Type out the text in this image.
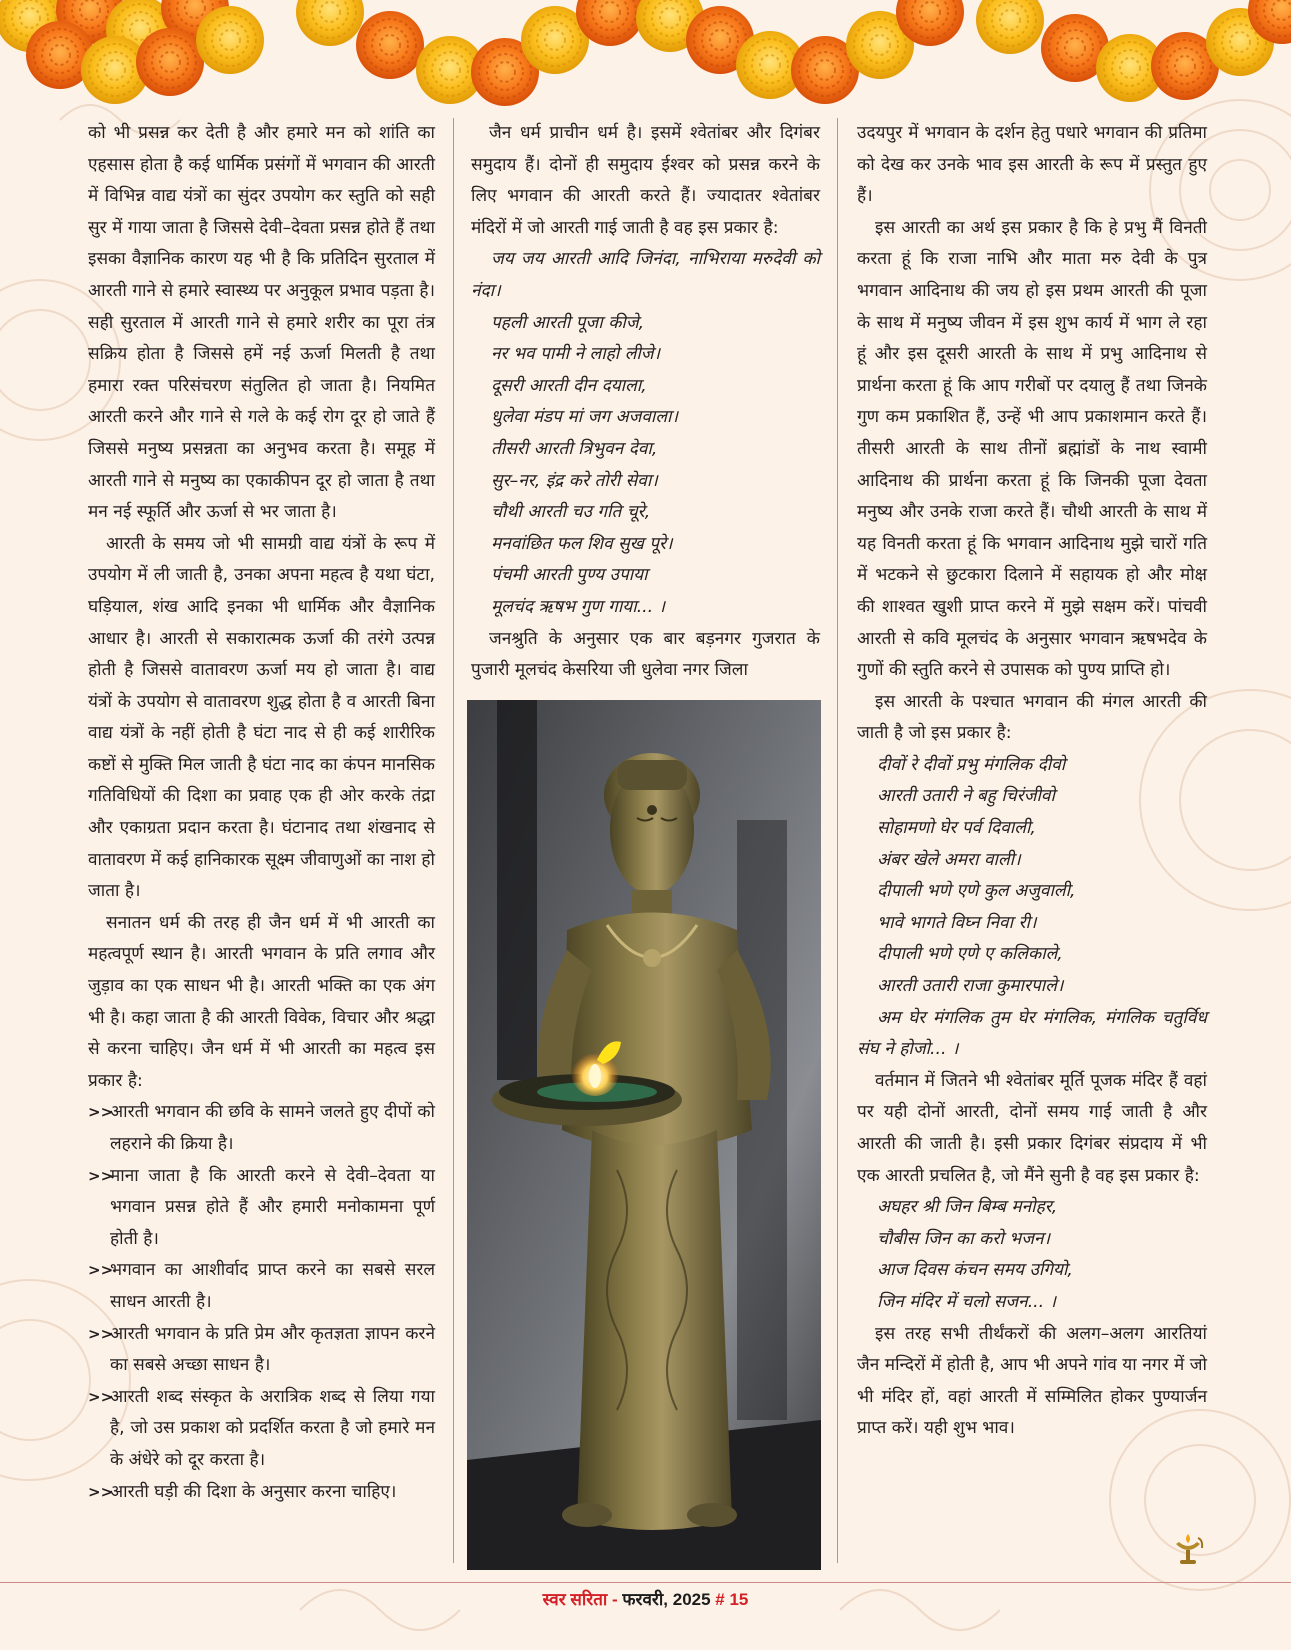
को भी प्रसन्न कर देती है और हमारे मन को शांति का एहसास होता है कई धार्मिक प्रसंगों में भगवान की आरती में विभिन्न वाद्य यंत्रों का सुंदर उपयोग कर स्तुति को सही सुर में गाया जाता है जिससे देवी–देवता प्रसन्न होते हैं तथा इसका वैज्ञानिक कारण यह भी है कि प्रतिदिन सुरताल में आरती गाने से हमारे स्वास्थ्य पर अनुकूल प्रभाव पड़ता है। सही सुरताल में आरती गाने से हमारे शरीर का पूरा तंत्र सक्रिय होता है जिससे हमें नई ऊर्जा मिलती है तथा हमारा रक्त परिसंचरण संतुलित हो जाता है। नियमित आरती करने और गाने से गले के कई रोग दूर हो जाते हैं जिससे मनुष्य प्रसन्नता का अनुभव करता है। समूह में आरती गाने से मनुष्य का एकाकीपन दूर हो जाता है तथा मन नई स्फूर्ति और ऊर्जा से भर जाता है।

आरती के समय जो भी सामग्री वाद्य यंत्रों के रूप में उपयोग में ली जाती है, उनका अपना महत्व है यथा घंटा, घड़ियाल, शंख आदि इनका भी धार्मिक और वैज्ञानिक आधार है। आरती से सकारात्मक ऊर्जा की तरंगे उत्पन्न होती है जिससे वातावरण ऊर्जा मय हो जाता है। वाद्य यंत्रों के उपयोग से वातावरण शुद्ध होता है व आरती बिना वाद्य यंत्रों के नहीं होती है घंटा नाद से ही कई शारीरिक कष्टों से मुक्ति मिल जाती है घंटा नाद का कंपन मानसिक गतिविधियों की दिशा का प्रवाह एक ही ओर करके तंद्रा और एकाग्रता प्रदान करता है। घंटानाद तथा शंखनाद से वातावरण में कई हानिकारक सूक्ष्म जीवाणुओं का नाश हो जाता है।

सनातन धर्म की तरह ही जैन धर्म में भी आरती का महत्वपूर्ण स्थान है। आरती भगवान के प्रति लगाव और जुड़ाव का एक साधन भी है। आरती भक्ति का एक अंग भी है। कहा जाता है की आरती विवेक, विचार और श्रद्धा से करना चाहिए। जैन धर्म में भी आरती का महत्व इस प्रकार है:

>>
आरती भगवान की छवि के सामने जलते हुए दीपों को लहराने की क्रिया है।
>>
माना जाता है कि आरती करने से देवी–देवता या भगवान प्रसन्न होते हैं और हमारी मनोकामना पूर्ण होती है।
>>
भगवान का आशीर्वाद प्राप्त करने का सबसे सरल साधन आरती है।
>>
आरती भगवान के प्रति प्रेम और कृतज्ञता ज्ञापन करने का सबसे अच्छा साधन है।
>>
आरती शब्द संस्कृत के अरात्रिक शब्द से लिया गया है, जो उस प्रकाश को प्रदर्शित करता है जो हमारे मन के अंधेरे को दूर करता है।
>>
आरती घड़ी की दिशा के अनुसार करना चाहिए।

जैन धर्म प्राचीन धर्म है। इसमें श्वेतांबर और दिगंबर समुदाय हैं। दोनों ही समुदाय ईश्वर को प्रसन्न करने के लिए भगवान की आरती करते हैं। ज्यादातर श्वेतांबर मंदिरों में जो आरती गाई जाती है वह इस प्रकार है:

जय जय आरती आदि जिनंदा, नाभिराया मरुदेवी को नंदा।

पहली आरती पूजा कीजे,

नर भव पामी ने लाहो लीजे।

दूसरी आरती दीन दयाला,

धुलेवा मंडप मां जग अजवाला।

तीसरी आरती त्रिभुवन देवा,

सुर–नर, इंद्र करे तोरी सेवा।

चौथी आरती चउ गति चूरे,

मनवांछित फल शिव सुख पूरे।

पंचमी आरती पुण्य उपाया

मूलचंद ऋषभ गुण गाया... ।

जनश्रुति के अनुसार एक बार बड़नगर गुजरात के पुजारी मूलचंद केसरिया जी धुलेवा नगर जिला

उदयपुर में भगवान के दर्शन हेतु पधारे भगवान की प्रतिमा को देख कर उनके भाव इस आरती के रूप में प्रस्तुत हुए हैं।

इस आरती का अर्थ इस प्रकार है कि हे प्रभु मैं विनती करता हूं कि राजा नाभि और माता मरु देवी के पुत्र भगवान आदिनाथ की जय हो इस प्रथम आरती की पूजा के साथ में मनुष्य जीवन में इस शुभ कार्य में भाग ले रहा हूं और इस दूसरी आरती के साथ में प्रभु आदिनाथ से प्रार्थना करता हूं कि आप गरीबों पर दयालु हैं तथा जिनके गुण कम प्रकाशित हैं, उन्हें भी आप प्रकाशमान करते हैं। तीसरी आरती के साथ तीनों ब्रह्मांडों के नाथ स्वामी आदिनाथ की प्रार्थना करता हूं कि जिनकी पूजा देवता मनुष्य और उनके राजा करते हैं। चौथी आरती के साथ में यह विनती करता हूं कि भगवान आदिनाथ मुझे चारों गति में भटकने से छुटकारा दिलाने में सहायक हो और मोक्ष की शाश्वत खुशी प्राप्त करने में मुझे सक्षम करें। पांचवी आरती से कवि मूलचंद के अनुसार भगवान ऋषभदेव के गुणों की स्तुति करने से उपासक को पुण्य प्राप्ति हो।

इस आरती के पश्चात भगवान की मंगल आरती की जाती है जो इस प्रकार है:

दीवों रे दीवों प्रभु मंगलिक दीवो

आरती उतारी ने बहु चिरंजीवो

सोहामणो घेर पर्व दिवाली,

अंबर खेले अमरा वाली।

दीपाली भणे एणे कुल अजुवाली,

भावे भागते विघ्न निवा री।

दीपाली भणे एणे ए कलिकाले,

आरती उतारी राजा कुमारपाले।

अम घेर मंगलिक तुम घेर मंगलिक, मंगलिक चतुर्विध संघ ने होजो... ।

वर्तमान में जितने भी श्वेतांबर मूर्ति पूजक मंदिर हैं वहां पर यही दोनों आरती, दोनों समय गाई जाती है और आरती की जाती है। इसी प्रकार दिगंबर संप्रदाय में भी एक आरती प्रचलित है, जो मैंने सुनी है वह इस प्रकार है:

अघहर श्री जिन बिम्ब मनोहर,

चौबीस जिन का करो भजन।

आज दिवस कंचन समय उगियो,

जिन मंदिर में चलो सजन... ।

इस तरह सभी तीर्थंकरों की अलग–अलग आरतियां जैन मन्दिरों में होती है, आप भी अपने गांव या नगर में जो भी मंदिर हों, वहां आरती में सम्मिलित होकर पुण्यार्जन प्राप्त करें। यही शुभ भाव।

स्वर सरिता - फरवरी, 2025 # 15
